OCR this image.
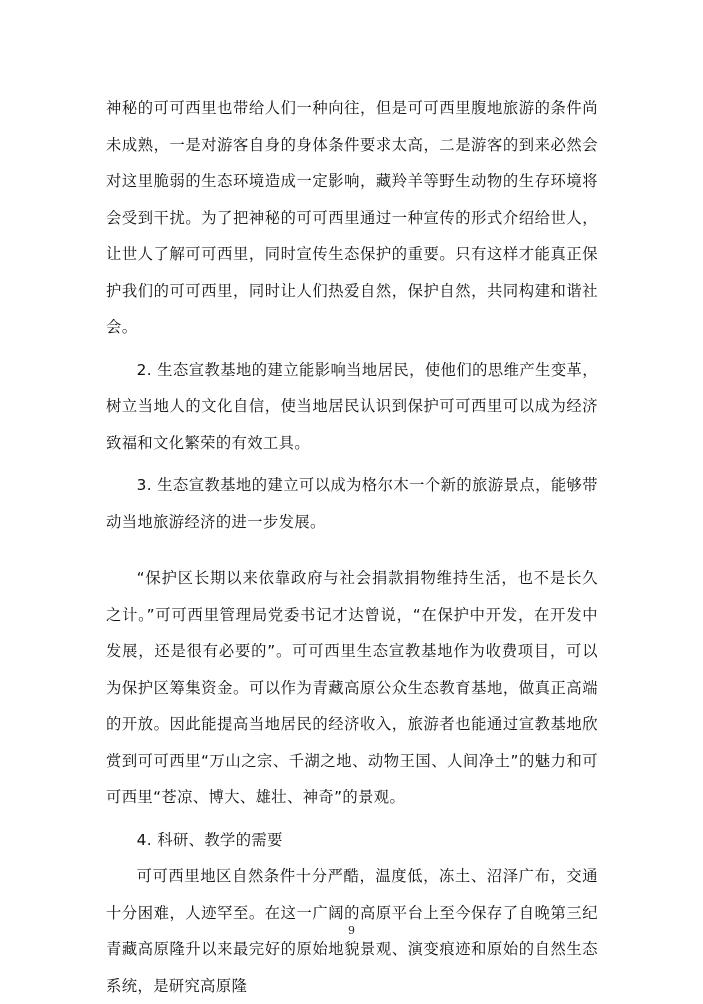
神秘的可可西里也带给人们一种向往，但是可可西里腹地旅游的条件尚未成熟，一是对游客自身的身体条件要求太高，二是游客的到来必然会对这里脆弱的生态环境造成一定影响，藏羚羊等野生动物的生存环境将会受到干扰。为了把神秘的可可西里通过一种宣传的形式介绍给世人，让世人了解可可西里，同时宣传生态保护的重要。只有这样才能真正保护我们的可可西里，同时让人们热爱自然，保护自然，共同构建和谐社会。

2. 生态宣教基地的建立能影响当地居民，使他们的思维产生变革，树立当地人的文化自信，使当地居民认识到保护可可西里可以成为经济致福和文化繁荣的有效工具。

3. 生态宣教基地的建立可以成为格尔木一个新的旅游景点，能够带动当地旅游经济的进一步发展。

“保护区长期以来依靠政府与社会捐款捐物维持生活，也不是长久之计。”可可西里管理局党委书记才达曾说，“在保护中开发，在开发中发展，还是很有必要的”。可可西里生态宣教基地作为收费项目，可以为保护区筹集资金。可以作为青藏高原公众生态教育基地，做真正高端的开放。因此能提高当地居民的经济收入，旅游者也能通过宣教基地欣赏到可可西里“万山之宗、千湖之地、动物王国、人间净土”的魅力和可可西里“苍凉、博大、雄壮、神奇”的景观。

4. 科研、教学的需要

可可西里地区自然条件十分严酷，温度低，冻土、沼泽广布，交通十分困难，人迹罕至。在这一广阔的高原平台上至今保存了自晚第三纪青藏高原隆升以来最完好的原始地貌景观、演变痕迹和原始的自然生态系统，是研究高原隆

9
